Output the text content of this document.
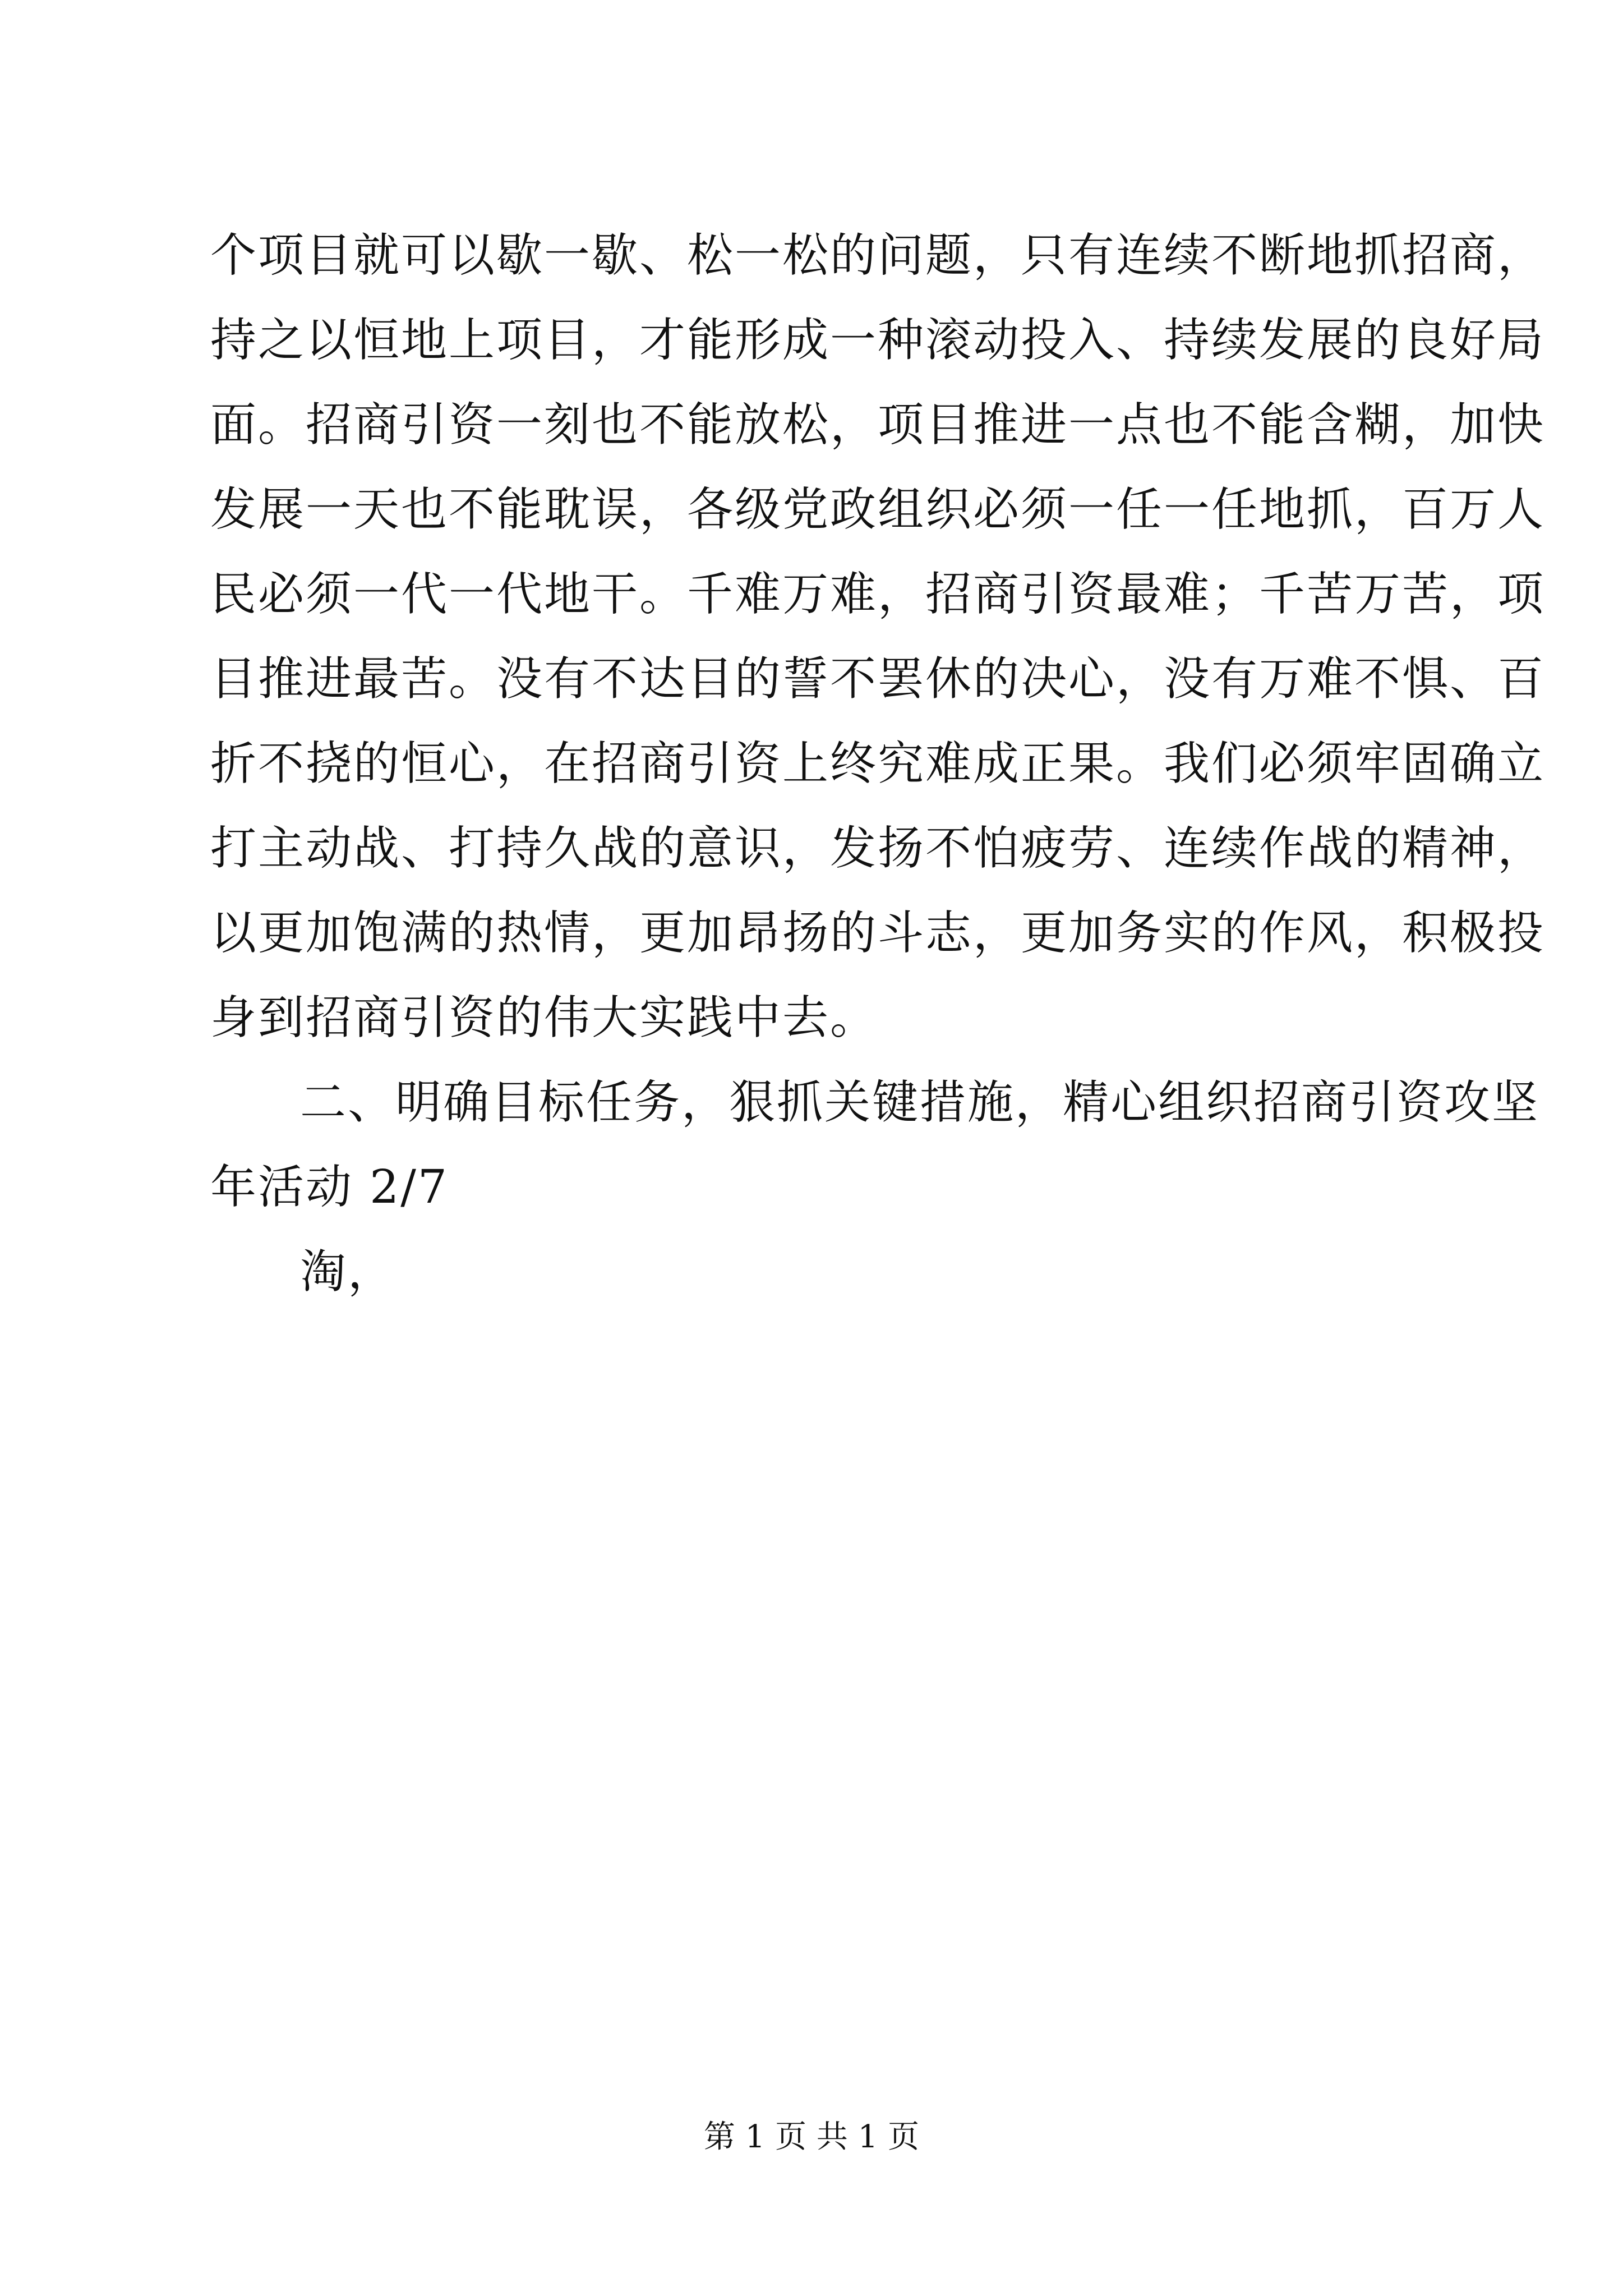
个项目就可以歇一歇、松一松的问题，只有连续不断地抓招商，
持之以恒地上项目，才能形成一种滚动投入、持续发展的良好局
面。招商引资一刻也不能放松，项目推进一点也不能含糊，加快
发展一天也不能耽误，各级党政组织必须一任一任地抓，百万人
民必须一代一代地干。千难万难，招商引资最难；千苦万苦，项
目推进最苦。没有不达目的誓不罢休的决心，没有万难不惧、百
折不挠的恒心，在招商引资上终究难成正果。我们必须牢固确立
打主动战、打持久战的意识，发扬不怕疲劳、连续作战的精神，
以更加饱满的热情，更加昂扬的斗志，更加务实的作风，积极投
身到招商引资的伟大实践中去。
二、明确目标任务，狠抓关键措施，精心组织招商引资攻坚
年活动 2/7
淘，
第 1 页 共 1 页
